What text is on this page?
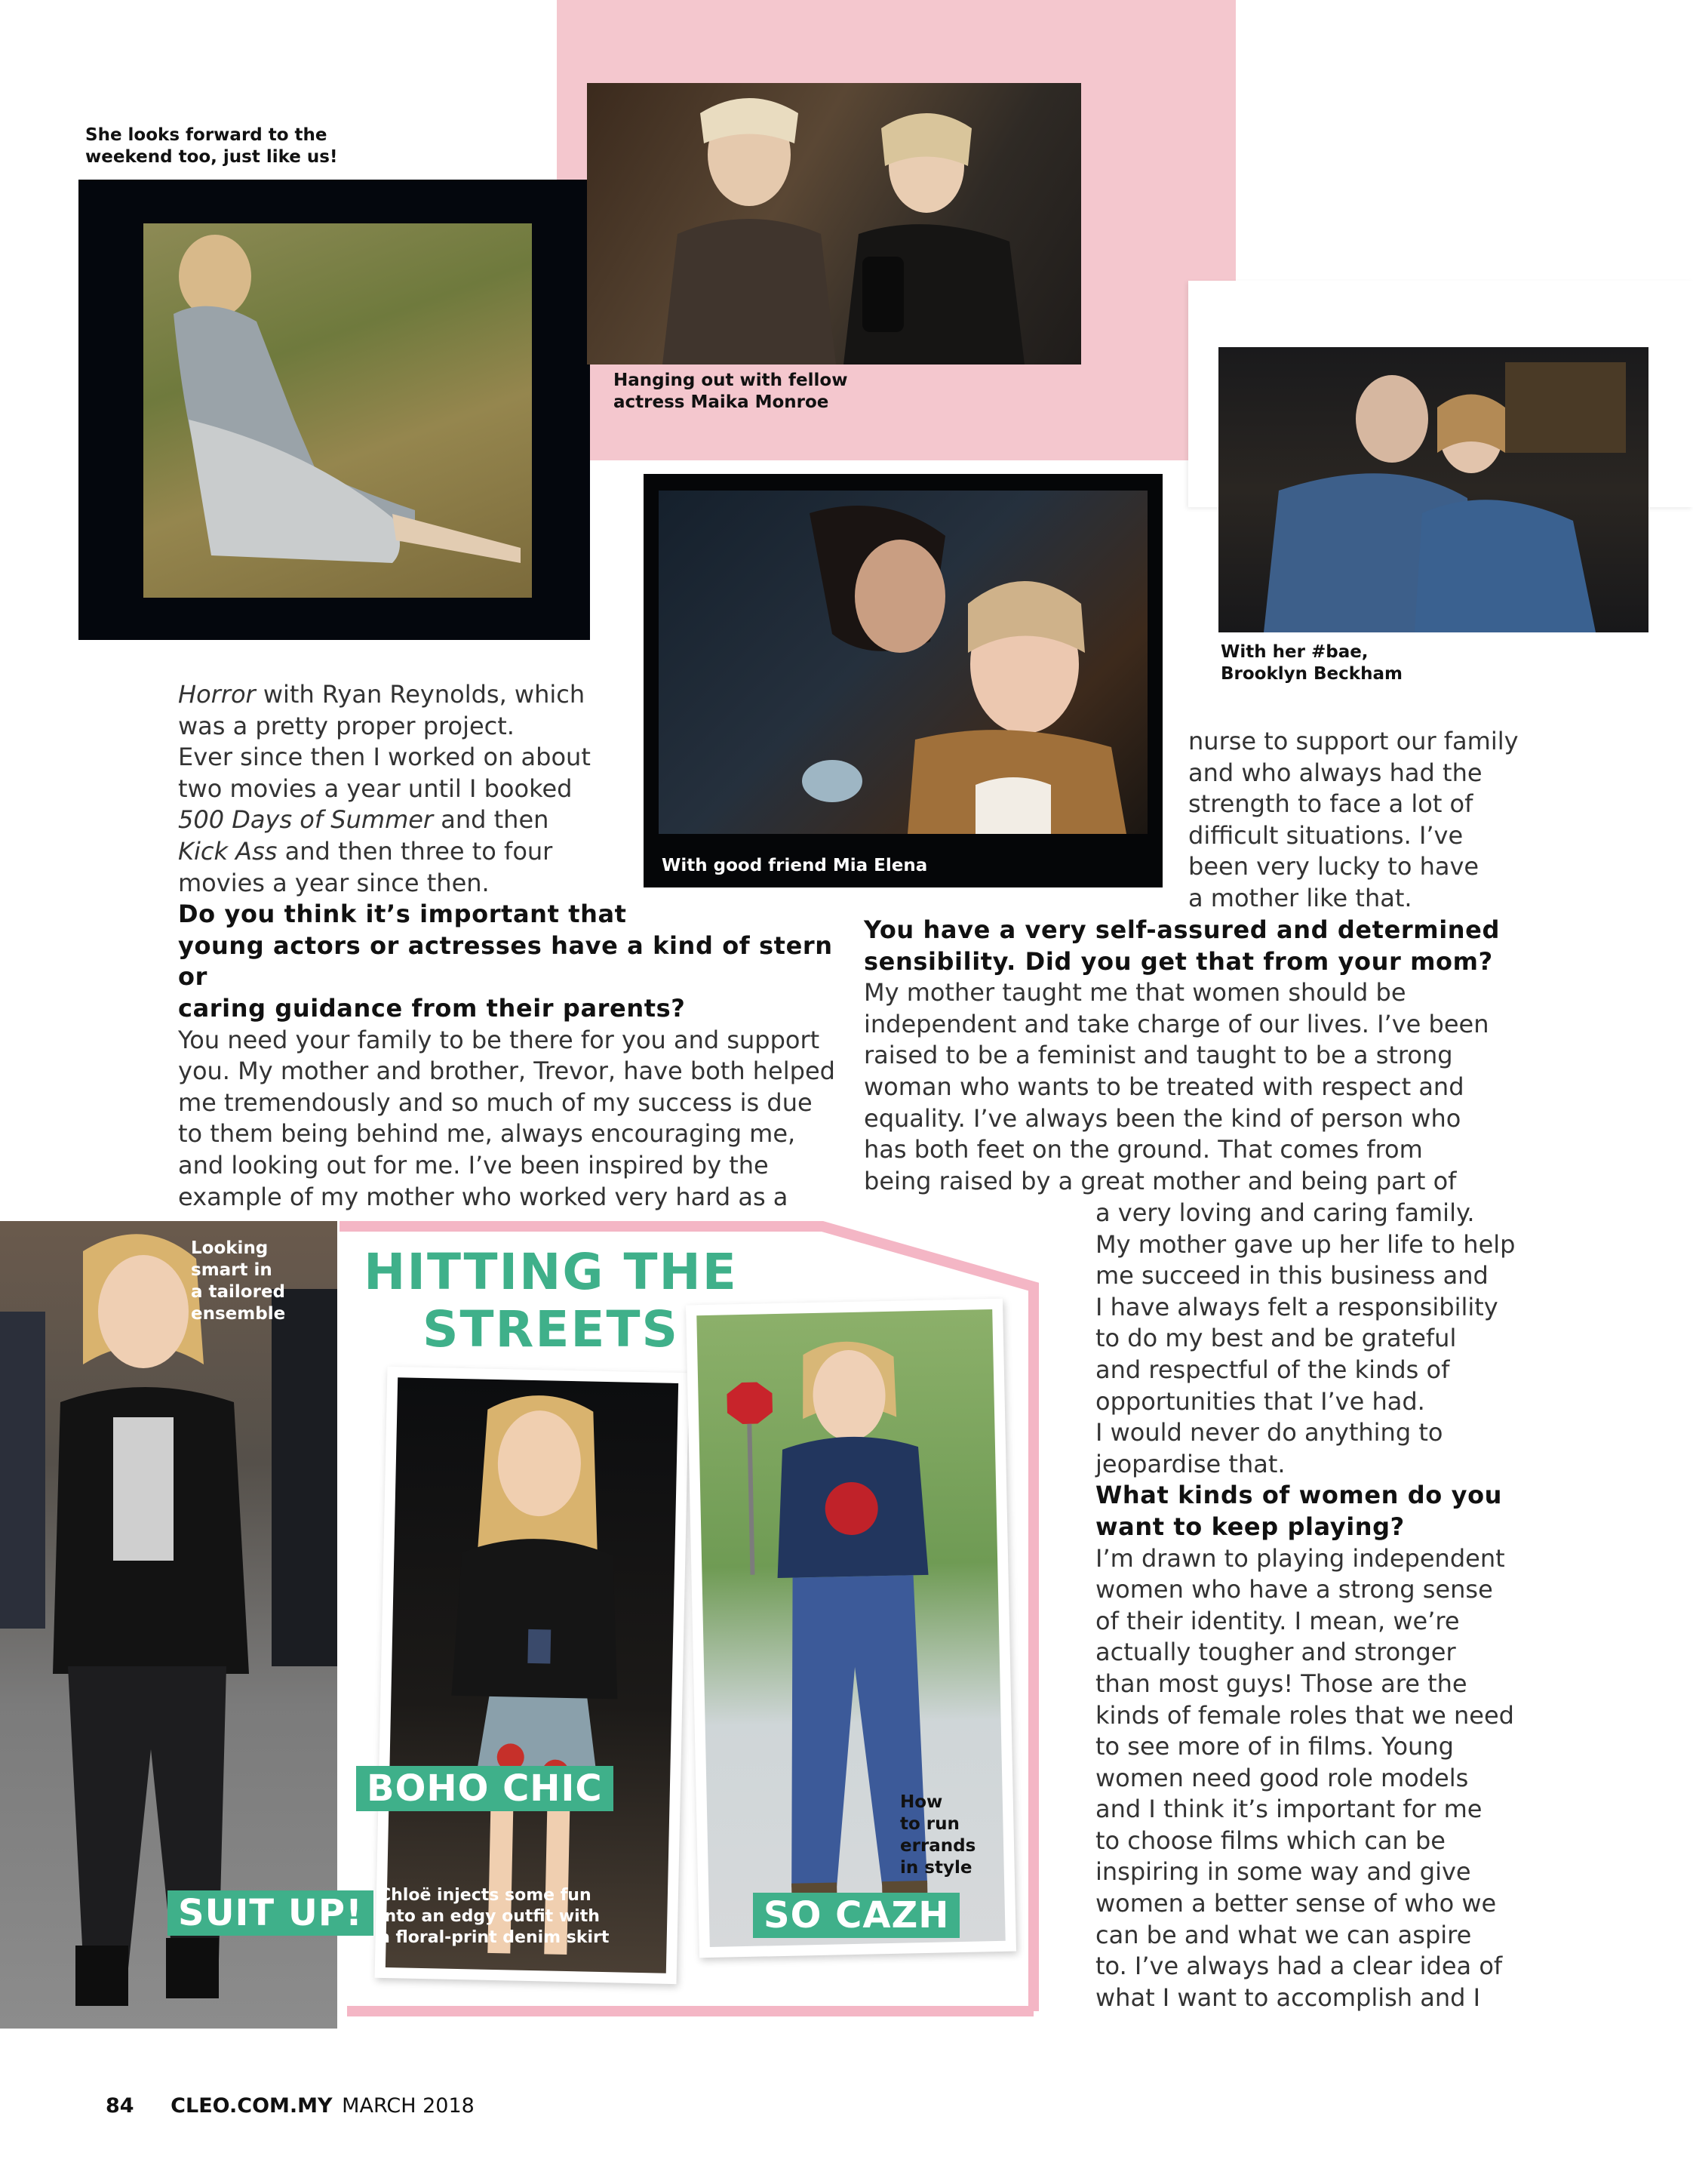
She looks forward to the
weekend too, just like us!
Hanging out with fellow
actress Maika Monroe
With her #bae,
Brooklyn Beckham
With good friend Mia Elena

Horror with Ryan Reynolds, which

was a pretty proper project.

Ever since then I worked on about

two movies a year until I booked

500 Days of Summer and then

Kick Ass and then three to four

movies a year since then.

Do you think it’s important that

young actors or actresses have a kind of stern or

caring guidance from their parents?

You need your family to be there for you and support

you. My mother and brother, Trevor, have both helped

me tremendously and so much of my success is due

to them being behind me, always encouraging me,

and looking out for me. I’ve been inspired by the

example of my mother who worked very hard as a

nurse to support our family

and who always had the

strength to face a lot of

difficult situations. I’ve

been very lucky to have

a mother like that.

You have a very self-assured and determined

sensibility. Did you get that from your mom?

My mother taught me that women should be

independent and take charge of our lives. I’ve been

raised to be a feminist and taught to be a strong

woman who wants to be treated with respect and

equality. I’ve always been the kind of person who

has both feet on the ground. That comes from

being raised by a great mother and being part of

a very loving and caring family.

My mother gave up her life to help

me succeed in this business and

I have always felt a responsibility

to do my best and be grateful

and respectful of the kinds of

opportunities that I’ve had.

I would never do anything to

jeopardise that.

What kinds of women do you

want to keep playing?

I’m drawn to playing independent

women who have a strong sense

of their identity. I mean, we’re

actually tougher and stronger

than most guys! Those are the

kinds of female roles that we need

to see more of in films. Young

women need good role models

and I think it’s important for me

to choose films which can be

inspiring in some way and give

women a better sense of who we

can be and what we can aspire

to. I’ve always had a clear idea of

what I want to accomplish and I

Looking
smart in
a tailored
ensemble
HITTING THE
STREETS
Chloë injects some fun
into an edgy outfit with
a floral-print denim skirt
How
to run
errands
in style
BOHO CHIC
SUIT UP!	SO CAZH
84 CLEO.COM.MY MARCH 2018
